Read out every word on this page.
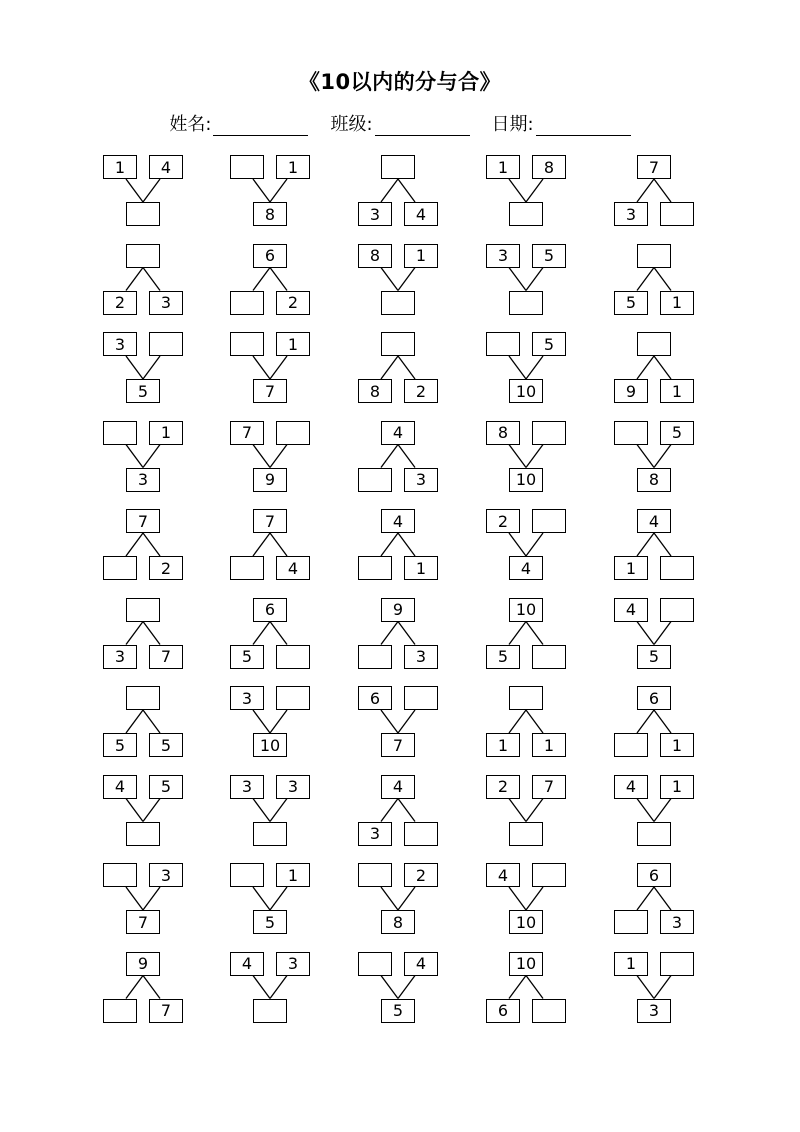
《10以内的分与合》
姓名:	班级:	日期:
1	4	1
8	3	4
1	8	7
3
2	3
6
2
8	1	3	5
5	1
3
5
1
7	8	2
5
10	9	1
1
3
7
9
4
3
8
10
5
8
7
2
7
4
4
1
2
4
4
1
3	7
6
5
9
3
10
5
4
5
5	5
3
10
6
7	1	1
6
1
4	5	3	3	4
3
2	7	4	1
3
7
1
5
2
8
4
10
6
3
9
7
4	3	4
5
10
6
1
3
